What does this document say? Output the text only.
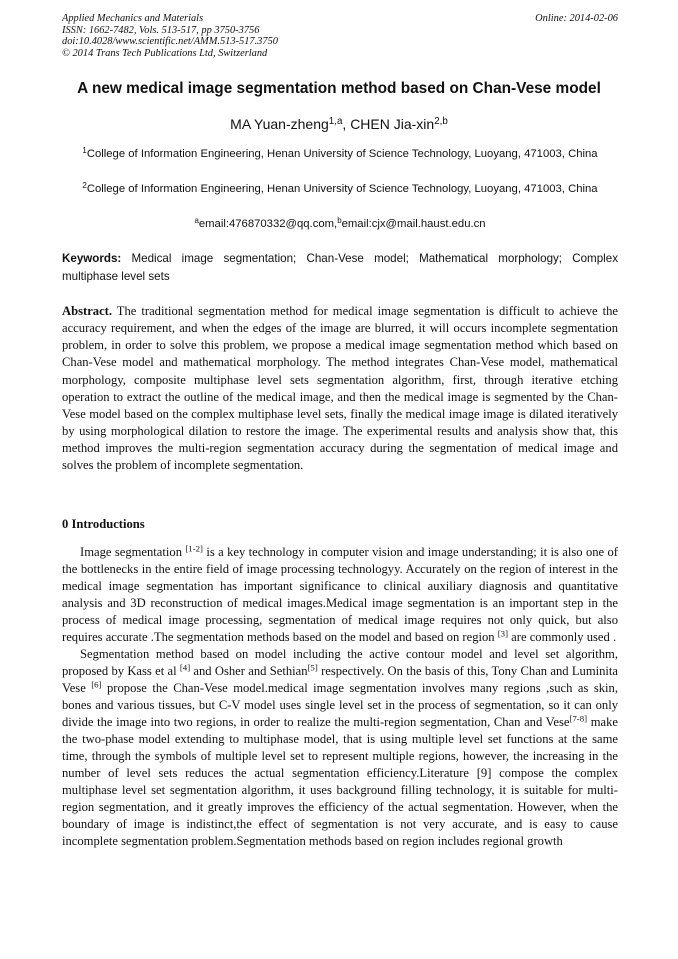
Applied Mechanics and Materials
ISSN: 1662-7482, Vols. 513-517, pp 3750-3756
doi:10.4028/www.scientific.net/AMM.513-517.3750
© 2014 Trans Tech Publications Ltd, Switzerland
Online: 2014-02-06
A new medical image segmentation method based on Chan-Vese model
MA Yuan-zheng$^{1,a}$, CHEN Jia-xin$^{2,b}$
$^1$College of Information Engineering, Henan University of Science Technology, Luoyang, 471003, China
$^2$College of Information Engineering, Henan University of Science Technology, Luoyang, 471003, China
$^a$email:476870332@qq.com,$^b$email:cjx@mail.haust.edu.cn
Keywords: Medical image segmentation; Chan-Vese model; Mathematical morphology; Complex multiphase level sets
Abstract. The traditional segmentation method for medical image segmentation is difficult to achieve the accuracy requirement, and when the edges of the image are blurred, it will occurs incomplete segmentation problem, in order to solve this problem, we propose a medical image segmentation method which based on Chan-Vese model and mathematical morphology. The method integrates Chan-Vese model, mathematical morphology, composite multiphase level sets segmentation algorithm, first, through iterative etching operation to extract the outline of the medical image, and then the medical image is segmented by the Chan-Vese model based on the complex multiphase level sets, finally the medical image image is dilated iteratively by using morphological dilation to restore the image. The experimental results and analysis show that, this method improves the multi-region segmentation accuracy during the segmentation of medical image and solves the problem of incomplete segmentation.
0 Introductions

Image segmentation [1-2] is a key technology in computer vision and image understanding; it is also one of the bottlenecks in the entire field of image processing technologyy. Accurately on the region of interest in the medical image segmentation has important significance to clinical auxiliary diagnosis and quantitative analysis and 3D reconstruction of medical images.Medical image segmentation is an important step in the process of medical image processing, segmentation of medical image requires not only quick, but also requires accurate .The segmentation methods based on the model and based on region [3] are commonly used .

Segmentation method based on model including the active contour model and level set algorithm, proposed by Kass et al [4] and Osher and Sethian[5] respectively. On the basis of this, Tony Chan and Luminita Vese [6] propose the Chan-Vese model.medical image segmentation involves many regions ,such as skin, bones and various tissues, but C-V model uses single level set in the process of segmentation, so it can only divide the image into two regions, in order to realize the multi-region segmentation, Chan and Vese[7-8] make the two-phase model extending to multiphase model, that is using multiple level set functions at the same time, through the symbols of multiple level set to represent multiple regions, however, the increasing in the number of level sets reduces the actual segmentation efficiency.Literature [9] compose the complex multiphase level set segmentation algorithm, it uses background filling technology, it is suitable for multi-region segmentation, and it greatly improves the efficiency of the actual segmentation. However, when the boundary of image is indistinct,the effect of segmentation is not very accurate, and is easy to cause incomplete segmentation problem.Segmentation methods based on region includes regional growth
